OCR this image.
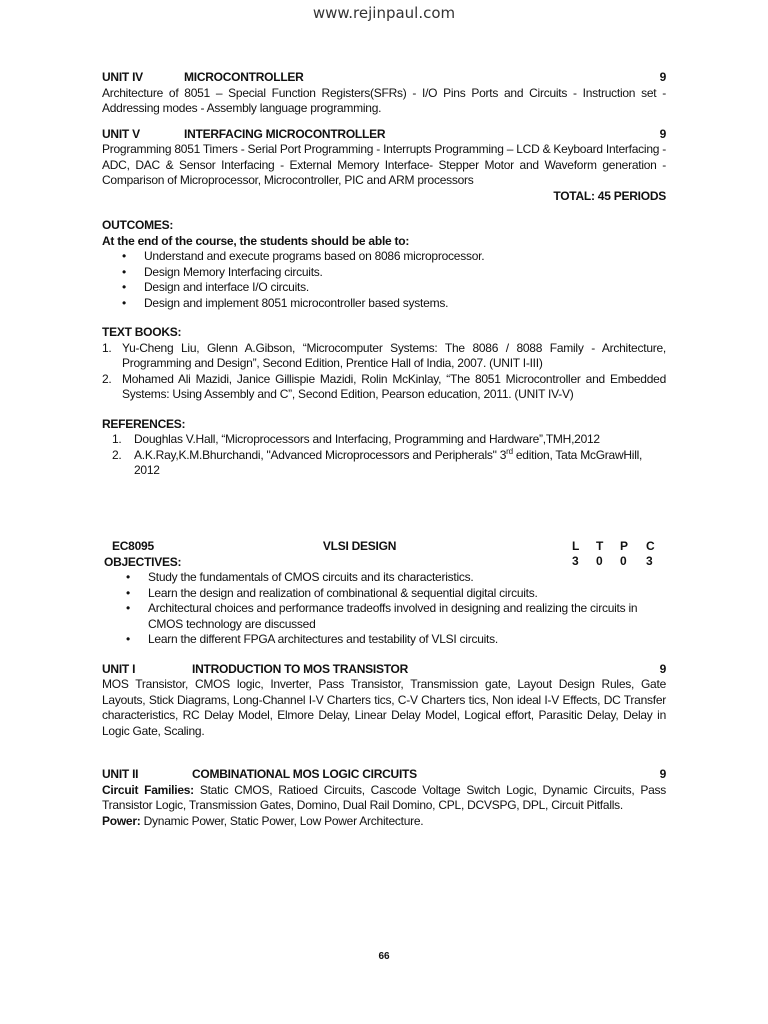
www.rejinpaul.com
UNIT IV	MICROCONTROLLER	9

Architecture of 8051 – Special Function Registers(SFRs) - I/O Pins Ports and Circuits - Instruction set - Addressing modes - Assembly language programming.

UNIT V	INTERFACING MICROCONTROLLER	9

Programming 8051 Timers - Serial Port Programming - Interrupts Programming – LCD & Keyboard Interfacing - ADC, DAC & Sensor Interfacing - External Memory Interface- Stepper Motor and Waveform generation - Comparison of Microprocessor, Microcontroller, PIC and ARM processors

TOTAL: 45 PERIODS

OUTCOMES:
At the end of the course, the students should be able to:
• Understand and execute programs based on 8086 microprocessor.
• Design Memory Interfacing circuits.
• Design and interface I/O circuits.
• Design and implement 8051 microcontroller based systems.
TEXT BOOKS:
1. Yu-Cheng Liu, Glenn A.Gibson, “Microcomputer Systems: The 8086 / 8088 Family - Architecture, Programming and Design”, Second Edition, Prentice Hall of India, 2007. (UNIT I-III)
2. Mohamed Ali Mazidi, Janice Gillispie Mazidi, Rolin McKinlay, “The 8051 Microcontroller and Embedded Systems: Using Assembly and C”, Second Edition, Pearson education, 2011. (UNIT IV-V)
REFERENCES:
1. Doughlas V.Hall, “Microprocessors and Interfacing, Programming and Hardware”,TMH,2012
2. A.K.Ray,K.M.Bhurchandi, "Advanced Microprocessors and Peripherals" 3rd edition, Tata McGrawHill, 2012
EC8095	VLSI DESIGN	L	T	P	C
3	0	0	3
OBJECTIVES:
• Study the fundamentals of CMOS circuits and its characteristics.
• Learn the design and realization of combinational & sequential digital circuits.
• Architectural choices and performance tradeoffs involved in designing and realizing the circuits in CMOS technology are discussed
• Learn the different FPGA architectures and testability of VLSI circuits.
UNIT I	INTRODUCTION TO MOS TRANSISTOR	9

MOS Transistor, CMOS logic, Inverter, Pass Transistor, Transmission gate, Layout Design Rules, Gate Layouts, Stick Diagrams, Long-Channel I-V Charters tics, C-V Charters tics, Non ideal I-V Effects, DC Transfer characteristics, RC Delay Model, Elmore Delay, Linear Delay Model, Logical effort, Parasitic Delay, Delay in Logic Gate, Scaling.

UNIT II	COMBINATIONAL MOS LOGIC CIRCUITS	9

Circuit Families: Static CMOS, Ratioed Circuits, Cascode Voltage Switch Logic, Dynamic Circuits, Pass Transistor Logic, Transmission Gates, Domino, Dual Rail Domino, CPL, DCVSPG, DPL, Circuit Pitfalls.

Power: Dynamic Power, Static Power, Low Power Architecture.

66
